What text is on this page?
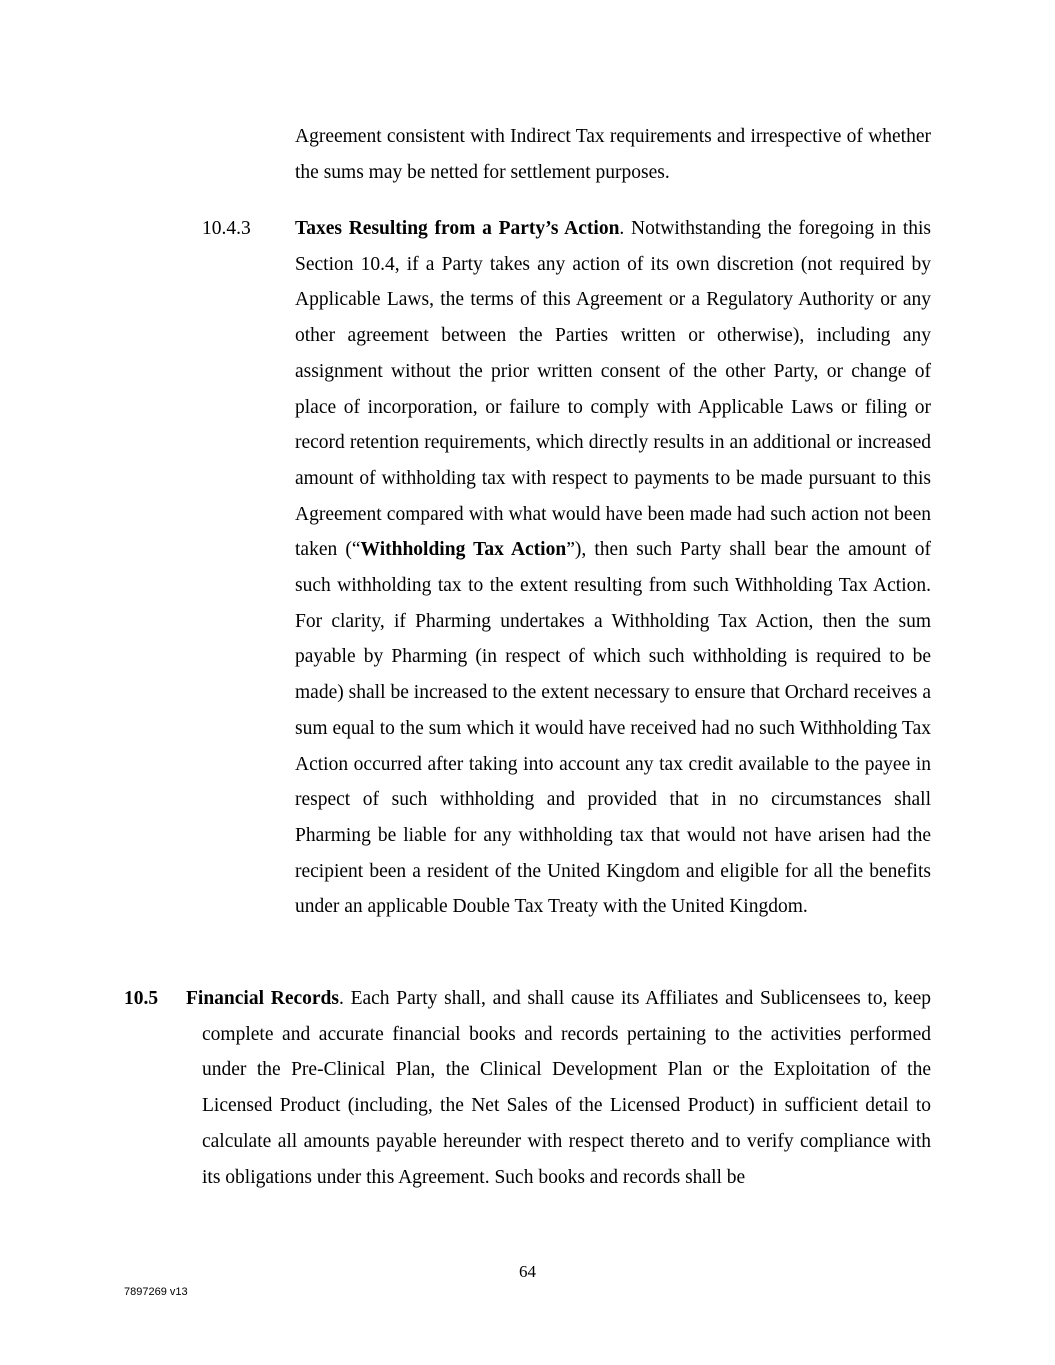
Agreement consistent with Indirect Tax requirements and irrespective of whether the sums may be netted for settlement purposes.

10.4.3 Taxes Resulting from a Party’s Action. Notwithstanding the foregoing in this Section 10.4, if a Party takes any action of its own discretion (not required by Applicable Laws, the terms of this Agreement or a Regulatory Authority or any other agreement between the Parties written or otherwise), including any assignment without the prior written consent of the other Party, or change of place of incorporation, or failure to comply with Applicable Laws or filing or record retention requirements, which directly results in an additional or increased amount of withholding tax with respect to payments to be made pursuant to this Agreement compared with what would have been made had such action not been taken (“Withholding Tax Action”), then such Party shall bear the amount of such withholding tax to the extent resulting from such Withholding Tax Action. For clarity, if Pharming undertakes a Withholding Tax Action, then the sum payable by Pharming (in respect of which such withholding is required to be made) shall be increased to the extent necessary to ensure that Orchard receives a sum equal to the sum which it would have received had no such Withholding Tax Action occurred after taking into account any tax credit available to the payee in respect of such withholding and provided that in no circumstances shall Pharming be liable for any withholding tax that would not have arisen had the recipient been a resident of the United Kingdom and eligible for all the benefits under an applicable Double Tax Treaty with the United Kingdom.

10.5 Financial Records. Each Party shall, and shall cause its Affiliates and Sublicensees to, keep complete and accurate financial books and records pertaining to the activities performed under the Pre-Clinical Plan, the Clinical Development Plan or the Exploitation of the Licensed Product (including, the Net Sales of the Licensed Product) in sufficient detail to calculate all amounts payable hereunder with respect thereto and to verify compliance with its obligations under this Agreement. Such books and records shall be

64

7897269 v13
